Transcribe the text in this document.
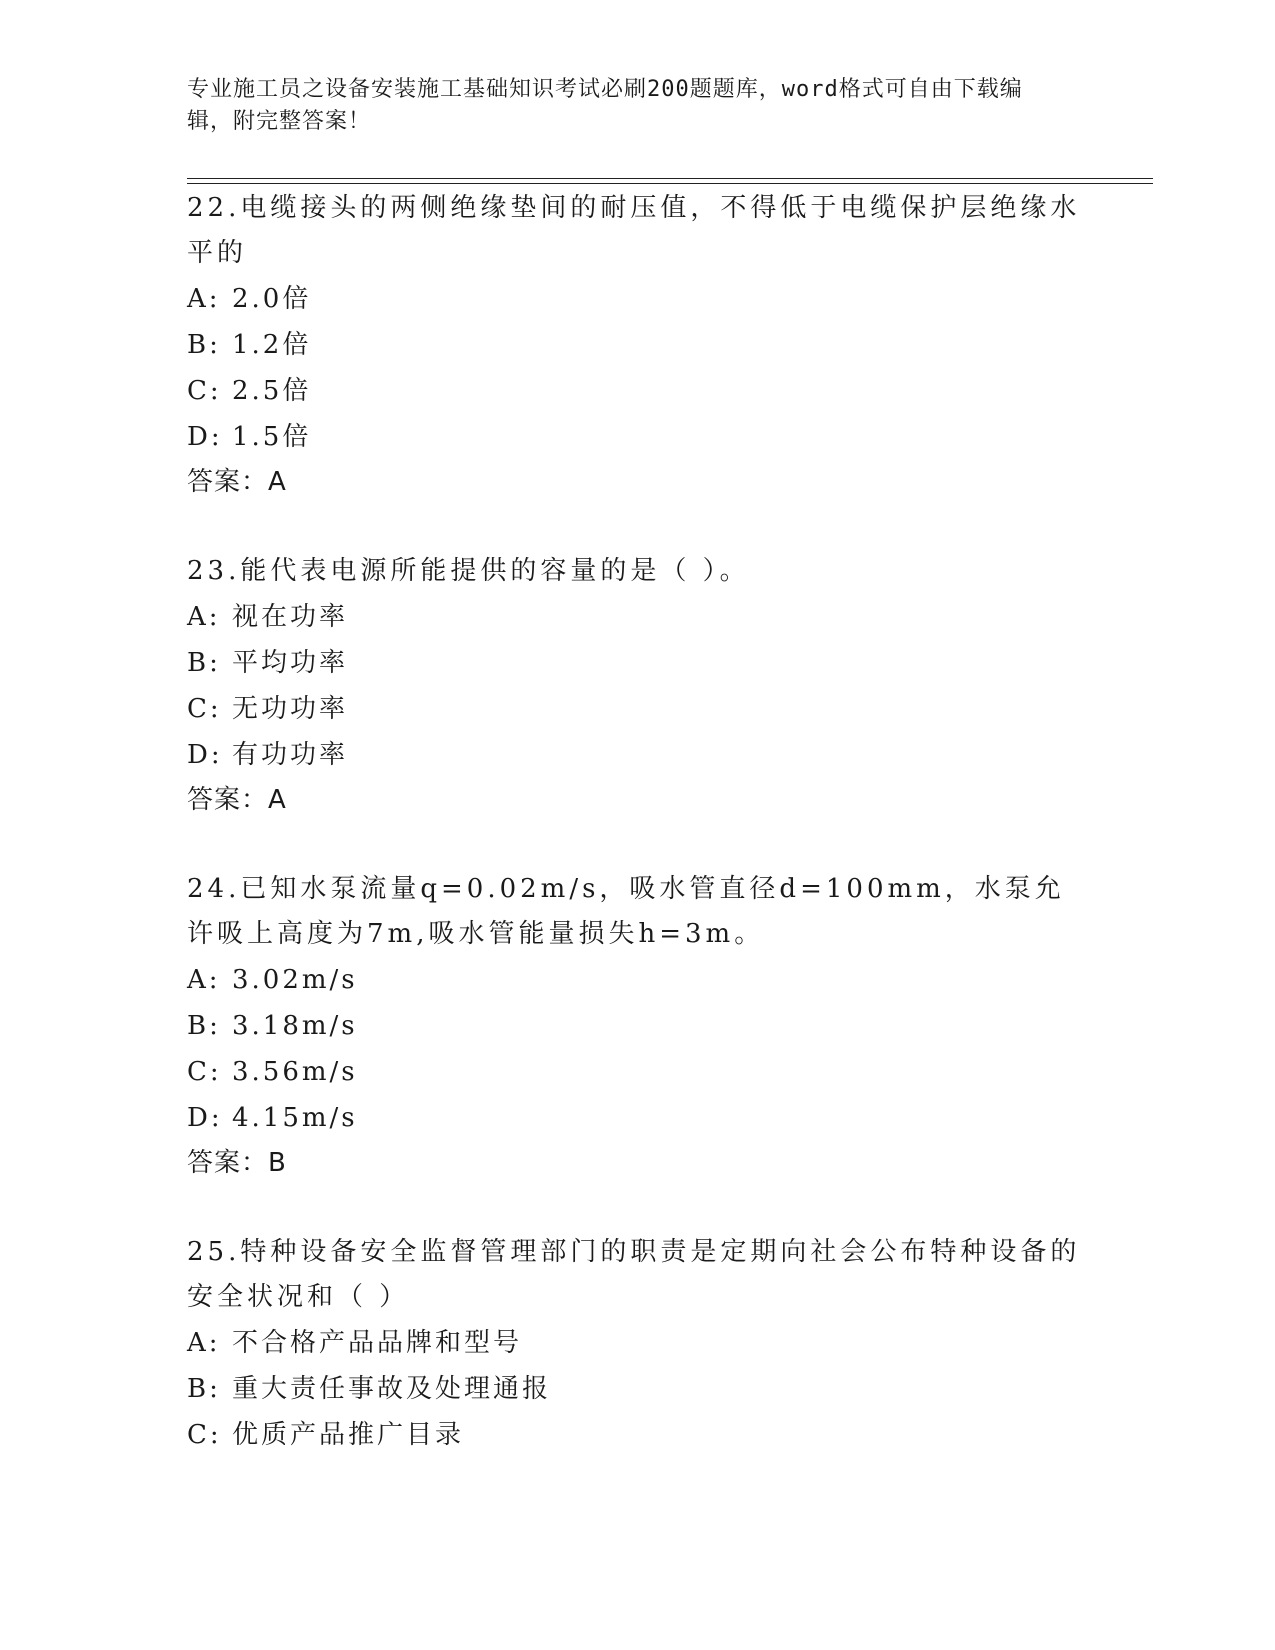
专业施工员之设备安装施工基础知识考试必刷200题题库，word格式可自由下载编辑，附完整答案！

22.电缆接头的两侧绝缘垫间的耐压值，不得低于电缆保护层绝缘水平的

A: 2.0倍
B: 1.2倍
C: 2.5倍
D: 1.5倍

答案：A

23.能代表电源所能提供的容量的是（ ）。

A: 视在功率
B: 平均功率
C: 无功功率
D: 有功功率

答案：A

24.已知水泵流量q=0.02m/s，吸水管直径d=100mm，水泵允许吸上高度为7m,吸水管能量损失h=3m。

A: 3.02m/s
B: 3.18m/s
C: 3.56m/s
D: 4.15m/s

答案：B

25.特种设备安全监督管理部门的职责是定期向社会公布特种设备的安全状况和（ ）

A: 不合格产品品牌和型号
B: 重大责任事故及处理通报
C: 优质产品推广目录
